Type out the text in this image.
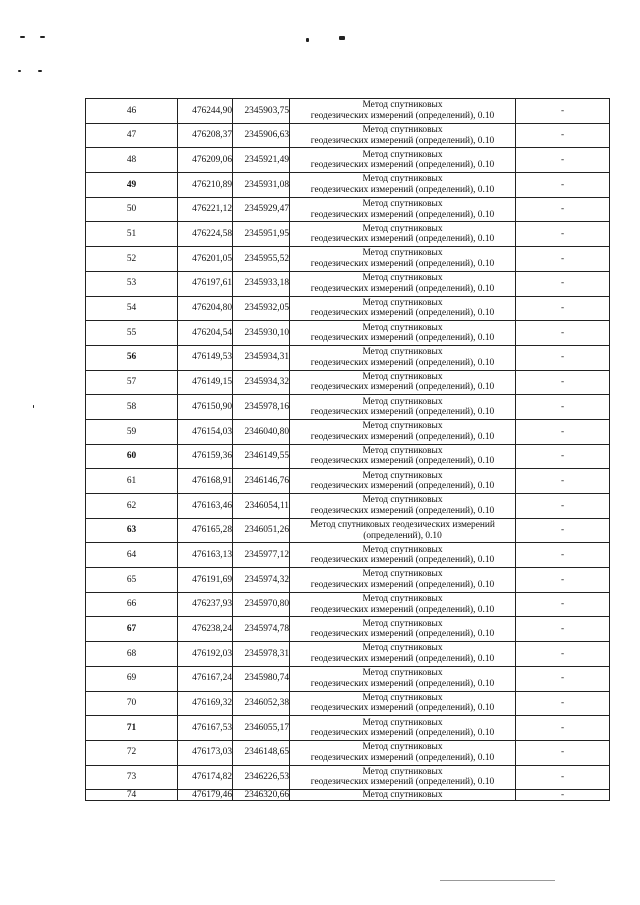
46	476244,90	2345903,75	Метод спутниковых
геодезических измерений (определений), 0.10	-
47	476208,37	2345906,63	Метод спутниковых
геодезических измерений (определений), 0.10	-
48	476209,06	2345921,49	Метод спутниковых
геодезических измерений (определений), 0.10	-
49	476210,89	2345931,08	Метод спутниковых
геодезических измерений (определений), 0.10	-
50	476221,12	2345929,47	Метод спутниковых
геодезических измерений (определений), 0.10	-
51	476224,58	2345951,95	Метод спутниковых
геодезических измерений (определений), 0.10	-
52	476201,05	2345955,52	Метод спутниковых
геодезических измерений (определений), 0.10	-
53	476197,61	2345933,18	Метод спутниковых
геодезических измерений (определений), 0.10	-
54	476204,80	2345932,05	Метод спутниковых
геодезических измерений (определений), 0.10	-
55	476204,54	2345930,10	Метод спутниковых
геодезических измерений (определений), 0.10	-
56	476149,53	2345934,31	Метод спутниковых
геодезических измерений (определений), 0.10	-
57	476149,15	2345934,32	Метод спутниковых
геодезических измерений (определений), 0.10	-
58	476150,90	2345978,16	Метод спутниковых
геодезических измерений (определений), 0.10	-
59	476154,03	2346040,80	Метод спутниковых
геодезических измерений (определений), 0.10	-
60	476159,36	2346149,55	Метод спутниковых
геодезических измерений (определений), 0.10	-
61	476168,91	2346146,76	Метод спутниковых
геодезических измерений (определений), 0.10	-
62	476163,46	2346054,11	Метод спутниковых
геодезических измерений (определений), 0.10	-
63	476165,28	2346051,26	Метод спутниковых геодезических измерений
(определений), 0.10	-
64	476163,13	2345977,12	Метод спутниковых
геодезических измерений (определений), 0.10	-
65	476191,69	2345974,32	Метод спутниковых
геодезических измерений (определений), 0.10	-
66	476237,93	2345970,80	Метод спутниковых
геодезических измерений (определений), 0.10	-
67	476238,24	2345974,78	Метод спутниковых
геодезических измерений (определений), 0.10	-
68	476192,03	2345978,31	Метод спутниковых
геодезических измерений (определений), 0.10	-
69	476167,24	2345980,74	Метод спутниковых
геодезических измерений (определений), 0.10	-
70	476169,32	2346052,38	Метод спутниковых
геодезических измерений (определений), 0.10	-
71	476167,53	2346055,17	Метод спутниковых
геодезических измерений (определений), 0.10	-
72	476173,03	2346148,65	Метод спутниковых
геодезических измерений (определений), 0.10	-
73	476174,82	2346226,53	Метод спутниковых
геодезических измерений (определений), 0.10	-
74	476179,46	2346320,66	Метод спутниковых	-
